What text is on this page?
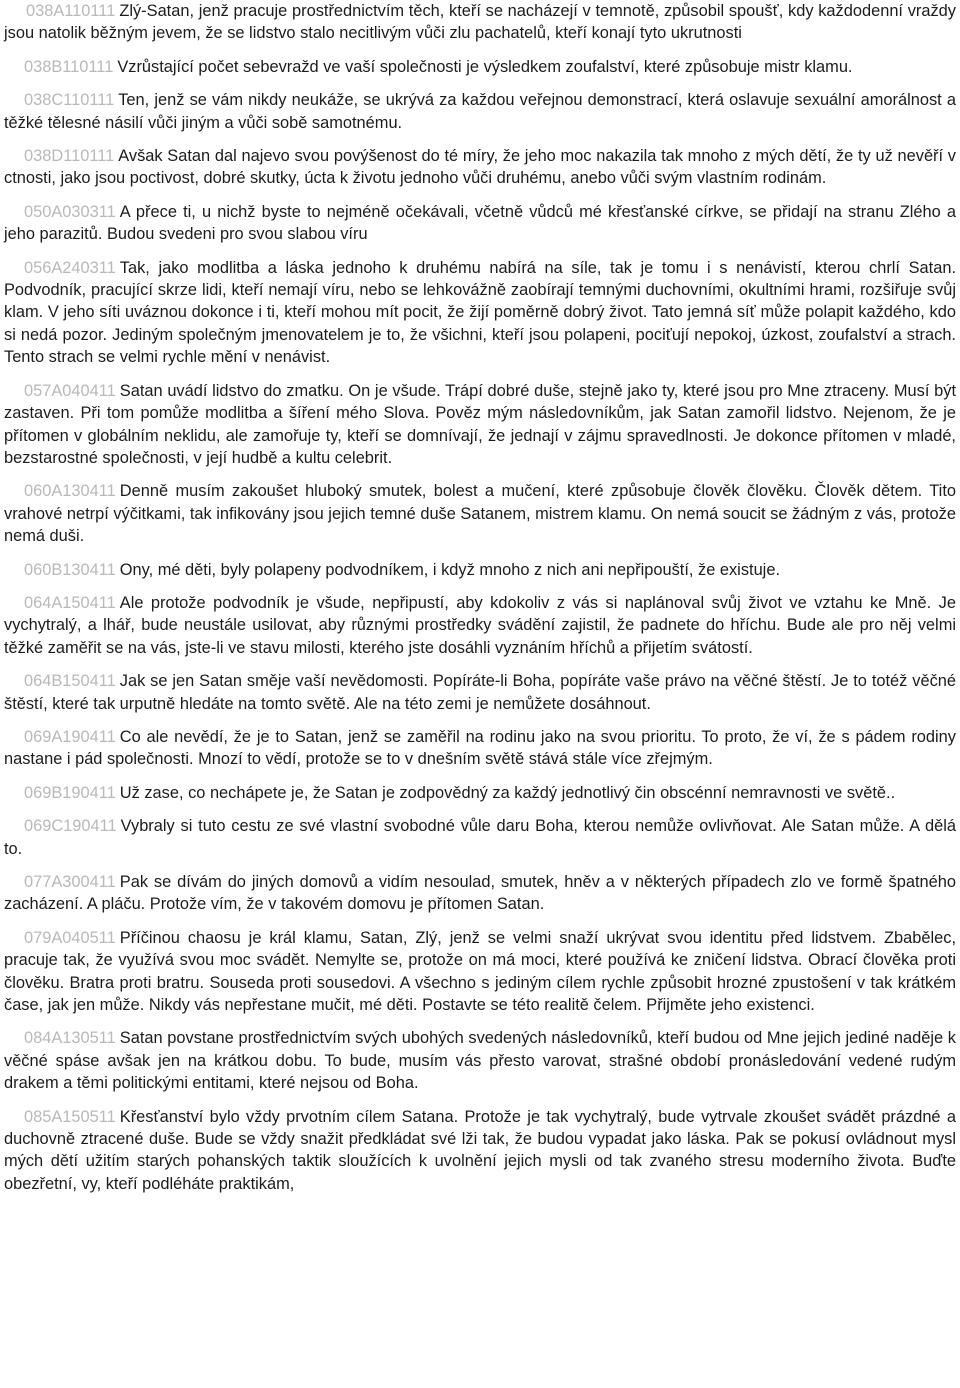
038A110111 Zlý-Satan, jenž pracuje prostřednictvím těch, kteří se nacházejí v temnotě, způsobil spoušť, kdy každodenní vraždy jsou natolik běžným jevem, že se lidstvo stalo necitlivým vůči zlu pachatelů, kteří konají tyto ukrutnosti

038B110111 Vzrůstající počet sebevražd ve vaší společnosti je výsledkem zoufalství, které způsobuje mistr klamu.

038C110111 Ten, jenž se vám nikdy neukáže, se ukrývá za každou veřejnou demonstrací, která oslavuje sexuální amorálnost a těžké tělesné násilí vůči jiným a vůči sobě samotnému.

038D110111 Avšak Satan dal najevo svou povýšenost do té míry, že jeho moc nakazila tak mnoho z mých dětí, že ty už nevěří v ctnosti, jako jsou poctivost, dobré skutky, úcta k životu jednoho vůči druhému, anebo vůči svým vlastním rodinám.

050A030311 A přece ti, u nichž byste to nejméně očekávali, včetně vůdců mé křesťanské církve, se přidají na stranu Zlého a jeho parazitů. Budou svedeni pro svou slabou víru

056A240311 Tak, jako modlitba a láska jednoho k druhému nabírá na síle, tak je tomu i s nenávistí, kterou chrlí Satan. Podvodník, pracující skrze lidi, kteří nemají víru, nebo se lehkovážně zaobírají temnými duchovními, okultními hrami, rozšiřuje svůj klam. V jeho síti uváznou dokonce i ti, kteří mohou mít pocit, že žijí poměrně dobrý život. Tato jemná síť může polapit každého, kdo si nedá pozor. Jediným společným jmenovatelem je to, že všichni, kteří jsou polapeni, pociťují nepokoj, úzkost, zoufalství a strach. Tento strach se velmi rychle mění v nenávist.

057A040411 Satan uvádí lidstvo do zmatku. On je všude. Trápí dobré duše, stejně jako ty, které jsou pro Mne ztraceny. Musí být zastaven. Při tom pomůže modlitba a šíření mého Slova. Pověz mým následovníkům, jak Satan zamořil lidstvo. Nejenom, že je přítomen v globálním neklidu, ale zamořuje ty, kteří se domnívají, že jednají v zájmu spravedlnosti. Je dokonce přítomen v mladé, bezstarostné společnosti, v její hudbě a kultu celebrit.

060A130411 Denně musím zakoušet hluboký smutek, bolest a mučení, které způsobuje člověk člověku. Člověk dětem. Tito vrahové netrpí výčitkami, tak infikovány jsou jejich temné duše Satanem, mistrem klamu. On nemá soucit se žádným z vás, protože nemá duši.

060B130411 Ony, mé děti, byly polapeny podvodníkem, i když mnoho z nich ani nepřipouští, že existuje.

064A150411 Ale protože podvodník je všude, nepřipustí, aby kdokoliv z vás si naplánoval svůj život ve vztahu ke Mně. Je vychytralý, a lhář, bude neustále usilovat, aby různými prostředky svádění zajistil, že padnete do hříchu. Bude ale pro něj velmi těžké zaměřit se na vás, jste-li ve stavu milosti, kterého jste dosáhli vyznáním hříchů a přijetím svátostí.

064B150411 Jak se jen Satan směje vaší nevědomosti. Popíráte-li Boha, popíráte vaše právo na věčné štěstí. Je to totéž věčné štěstí, které tak urputně hledáte na tomto světě. Ale na této zemi je nemůžete dosáhnout.

069A190411 Co ale nevědí, že je to Satan, jenž se zaměřil na rodinu jako na svou prioritu. To proto, že ví, že s pádem rodiny nastane i pád společnosti. Mnozí to vědí, protože se to v dnešním světě stává stále více zřejmým.

069B190411 Už zase, co nechápete je, že Satan je zodpovědný za každý jednotlivý čin obscénní nemravnosti ve světě..

069C190411 Vybraly si tuto cestu ze své vlastní svobodné vůle daru Boha, kterou nemůže ovlivňovat. Ale Satan může. A dělá to.

077A300411 Pak se dívám do jiných domovů a vidím nesoulad, smutek, hněv a v některých případech zlo ve formě špatného zacházení. A pláču. Protože vím, že v takovém domovu je přítomen Satan.

079A040511 Příčinou chaosu je král klamu, Satan, Zlý, jenž se velmi snaží ukrývat svou identitu před lidstvem. Zbabělec, pracuje tak, že využívá svou moc svádět. Nemylte se, protože on má moci, které používá ke zničení lidstva. Obrací člověka proti člověku. Bratra proti bratru. Souseda proti sousedovi. A všechno s jediným cílem rychle způsobit hrozné zpustošení v tak krátkém čase, jak jen může. Nikdy vás nepřestane mučit, mé děti. Postavte se této realitě čelem. Přijměte jeho existenci.

084A130511 Satan povstane prostřednictvím svých ubohých svedených následovníků, kteří budou od Mne jejich jediné naděje k věčné spáse avšak jen na krátkou dobu. To bude, musím vás přesto varovat, strašné období pronásledování vedené rudým drakem a těmi politickými entitami, které nejsou od Boha.

085A150511 Křesťanství bylo vždy prvotním cílem Satana. Protože je tak vychytralý, bude vytrvale zkoušet svádět prázdné a duchovně ztracené duše. Bude se vždy snažit předkládat své lži tak, že budou vypadat jako láska. Pak se pokusí ovládnout mysl mých dětí užitím starých pohanských taktik sloužících k uvolnění jejich mysli od tak zvaného stresu moderního života. Buďte obezřetní, vy, kteří podléháte praktikám,
